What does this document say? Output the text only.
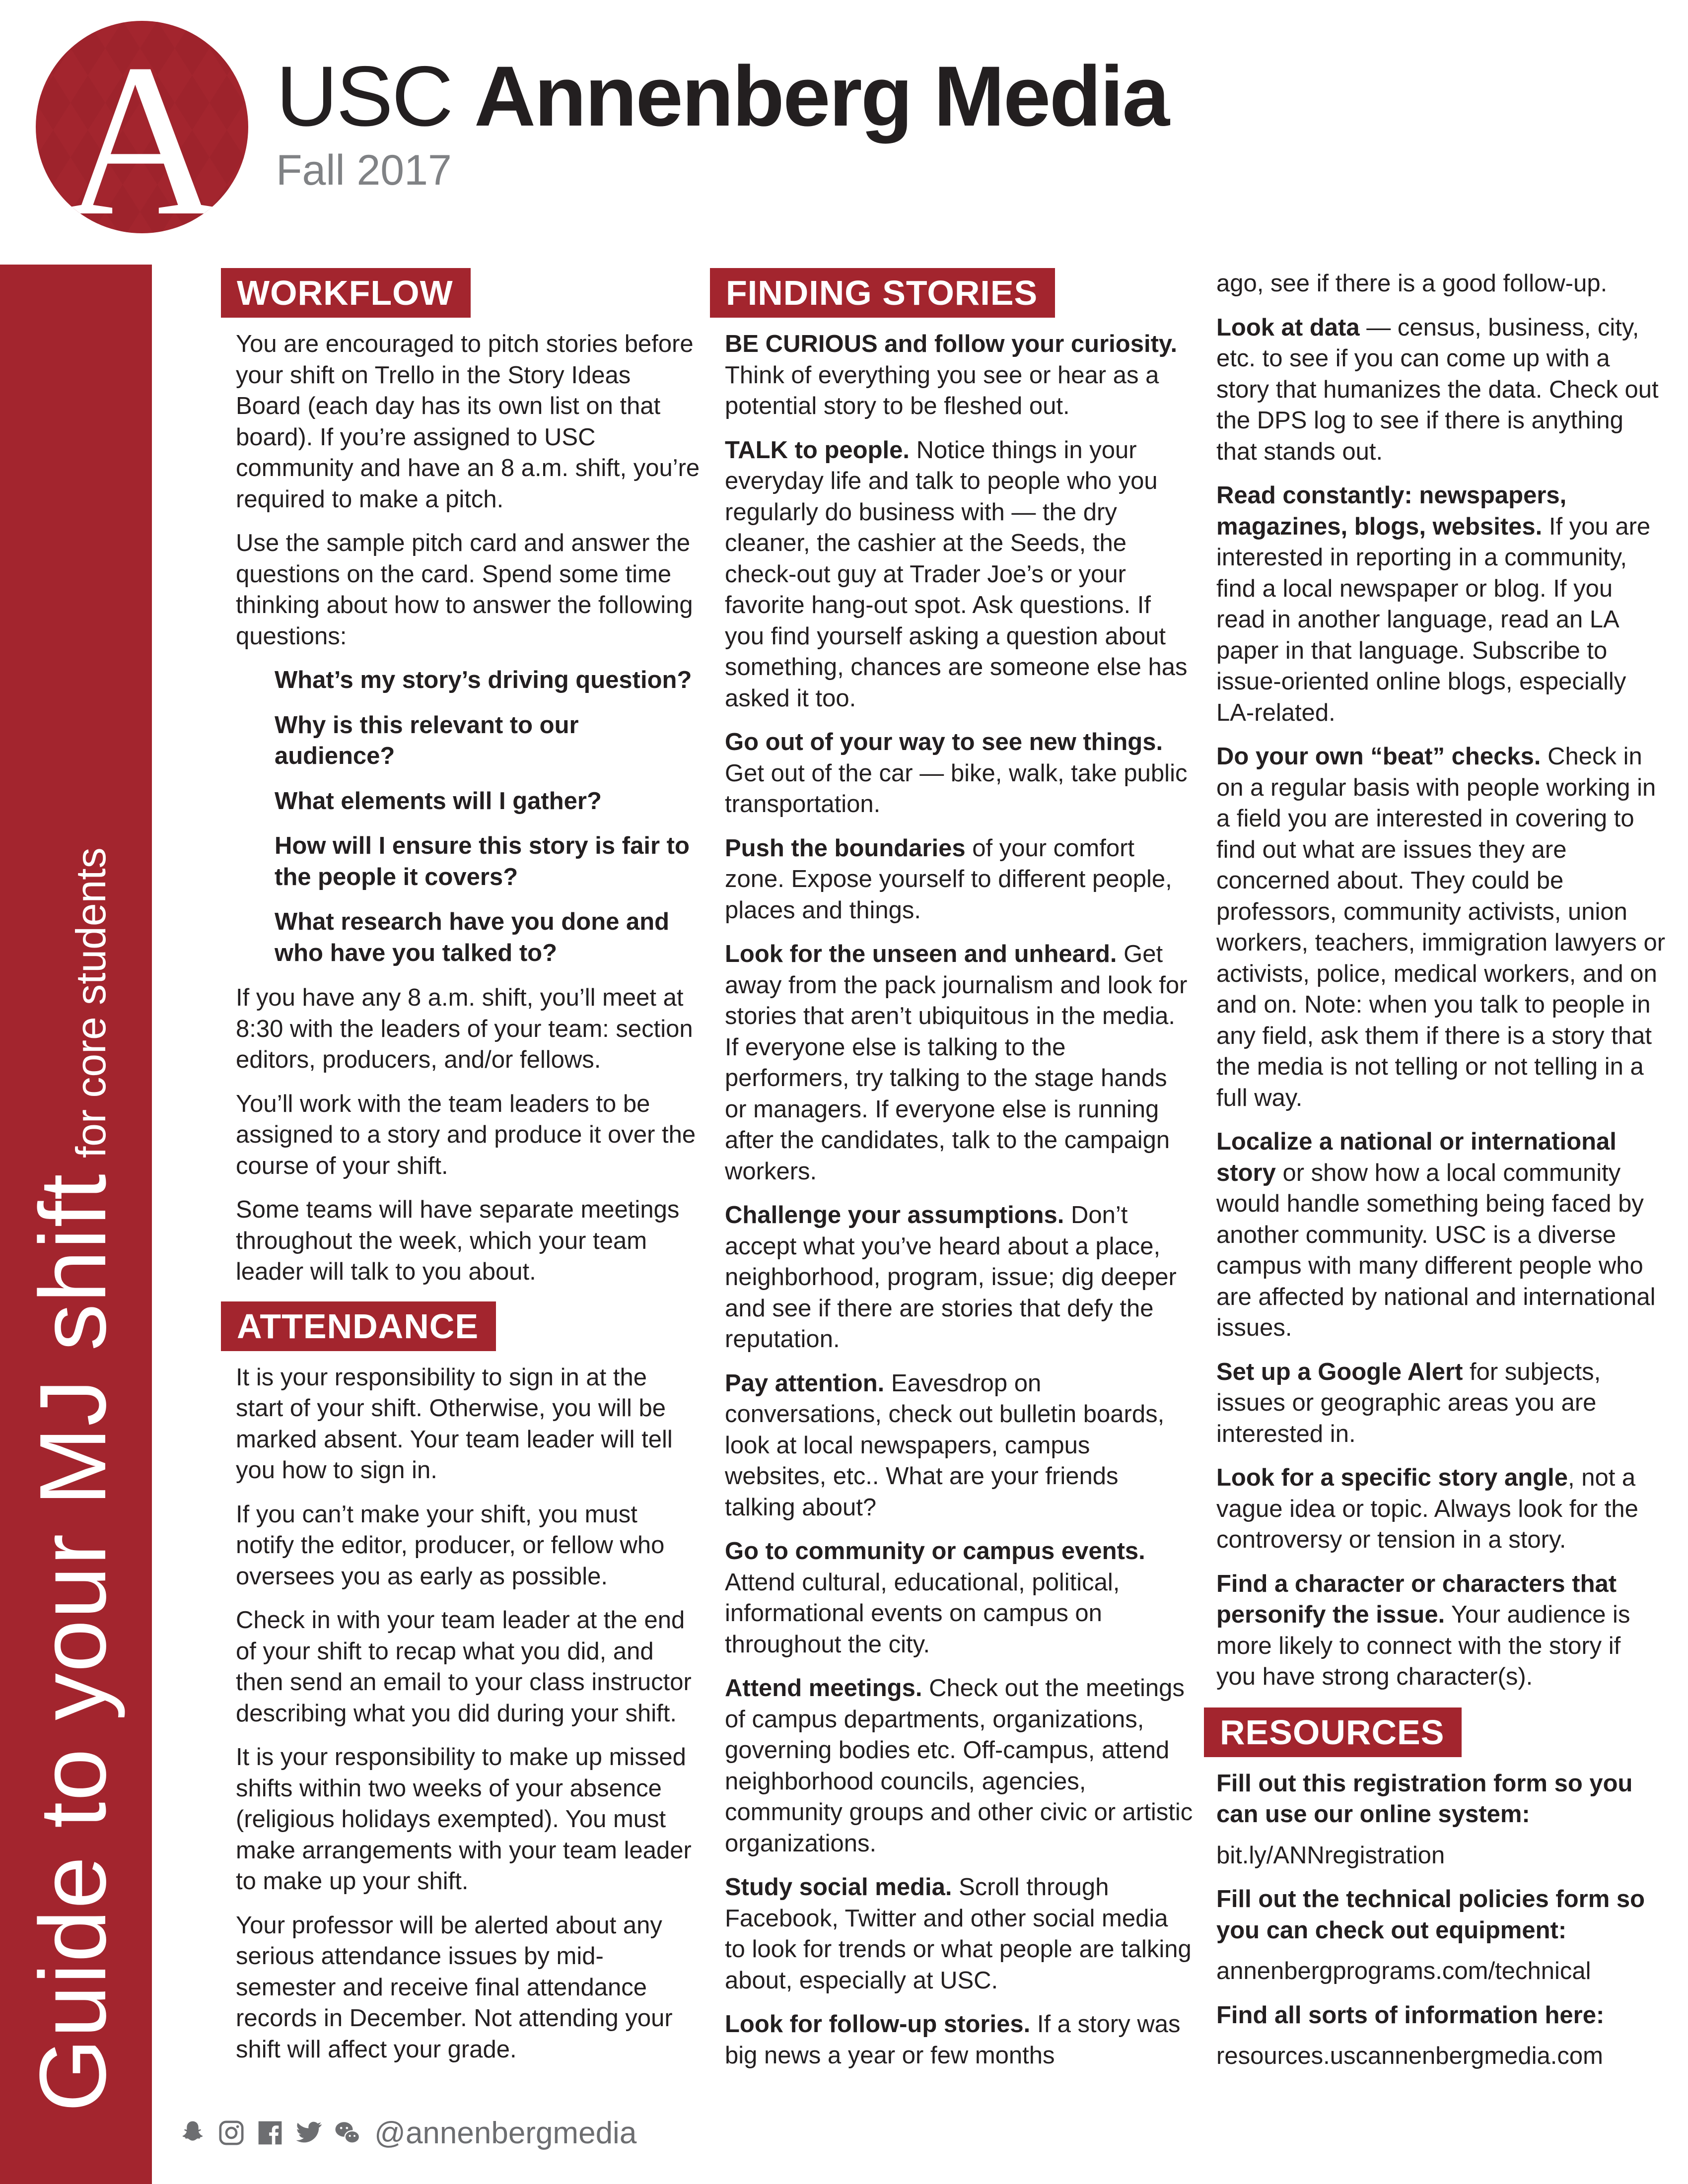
A USC Annenberg Media
Fall 2017
Guide to your MJ shiftfor core students
WORKFLOW

You are encouraged to pitch stories before your shift on Trello in the Story Ideas Board (each day has its own list on that board). If you’re assigned to USC community and have an 8 a.m. shift, you’re required to make a pitch.

Use the sample pitch card and answer the questions on the card. Spend some time thinking about how to answer the following questions:

What’s my story’s driving question?

Why is this relevant to our audience?

What elements will I gather?

How will I ensure this story is fair to the people it covers?

What research have you done and who have you talked to?

If you have any 8 a.m. shift, you’ll meet at 8:30 with the leaders of your team: section editors, producers, and/or fellows.

You’ll work with the team leaders to be assigned to a story and produce it over the course of your shift.

Some teams will have separate meetings throughout the week, which your team leader will talk to you about.

ATTENDANCE

It is your responsibility to sign in at the start of your shift. Otherwise, you will be marked absent. Your team leader will tell you how to sign in.

If you can’t make your shift, you must notify the editor, producer, or fellow who oversees you as early as possible.

Check in with your team leader at the end of your shift to recap what you did, and then send an email to your class instructor describing what you did during your shift.

It is your responsibility to make up missed shifts within two weeks of your absence (religious holidays exempted). You must make arrangements with your team leader to make up your shift.

Your professor will be alerted about any serious attendance issues by mid-semester and receive final attendance records in December. Not attending your shift will affect your grade.

FINDING STORIES

BE CURIOUS and follow your curiosity. Think of everything you see or hear as a potential story to be fleshed out.

TALK to people. Notice things in your everyday life and talk to people who you regularly do business with — the dry cleaner, the cashier at the Seeds, the check-out guy at Trader Joe’s or your favorite hang-out spot. Ask questions. If you find yourself asking a question about something, chances are someone else has asked it too.

Go out of your way to see new things. Get out of the car — bike, walk, take public transportation.

Push the boundaries of your comfort zone. Expose yourself to different people, places and things.

Look for the unseen and unheard. Get away from the pack journalism and look for stories that aren’t ubiquitous in the media. If everyone else is talking to the performers, try talking to the stage hands or managers. If everyone else is running after the candidates, talk to the campaign workers.

Challenge your assumptions. Don’t accept what you’ve heard about a place, neighborhood, program, issue; dig deeper and see if there are stories that defy the reputation.

Pay attention. Eavesdrop on conversations, check out bulletin boards, look at local newspapers, campus websites, etc.. What are your friends talking about?

Go to community or campus events. Attend cultural, educational, political, informational events on campus on throughout the city.

Attend meetings. Check out the meetings of campus departments, organizations, governing bodies etc. Off-campus, attend neighborhood councils, agencies, community groups and other civic or artistic organizations.

Study social media. Scroll through Facebook, Twitter and other social media to look for trends or what people are talking about, especially at USC.

Look for follow-up stories. If a story was big news a year or few months

ago, see if there is a good follow-up.

Look at data — census, business, city, etc. to see if you can come up with a story that humanizes the data. Check out the DPS log to see if there is anything that stands out.

Read constantly: newspapers, magazines, blogs, websites. If you are interested in reporting in a community, find a local newspaper or blog. If you read in another language, read an LA paper in that language. Subscribe to issue-oriented online blogs, especially LA-related.

Do your own “beat” checks. Check in on a regular basis with people working in a field you are interested in covering to find out what are issues they are concerned about. They could be professors, community activists, union workers, teachers, immigration lawyers or activists, police, medical workers, and on and on. Note: when you talk to people in any field, ask them if there is a story that the media is not telling or not telling in a full way.

Localize a national or international story or show how a local community would handle something being faced by another community. USC is a diverse campus with many different people who are affected by national and international issues.

Set up a Google Alert for subjects, issues or geographic areas you are interested in.

Look for a specific story angle, not a vague idea or topic. Always look for the controversy or tension in a story.

Find a character or characters that personify the issue. Your audience is more likely to connect with the story if you have strong character(s).

RESOURCES

Fill out this registration form so you can use our online system:

bit.ly/ANNregistration

Fill out the technical policies form so you can check out equipment:

annenbergprograms.com/technical

Find all sorts of information here:

resources.uscannenbergmedia.com

@annenbergmedia
